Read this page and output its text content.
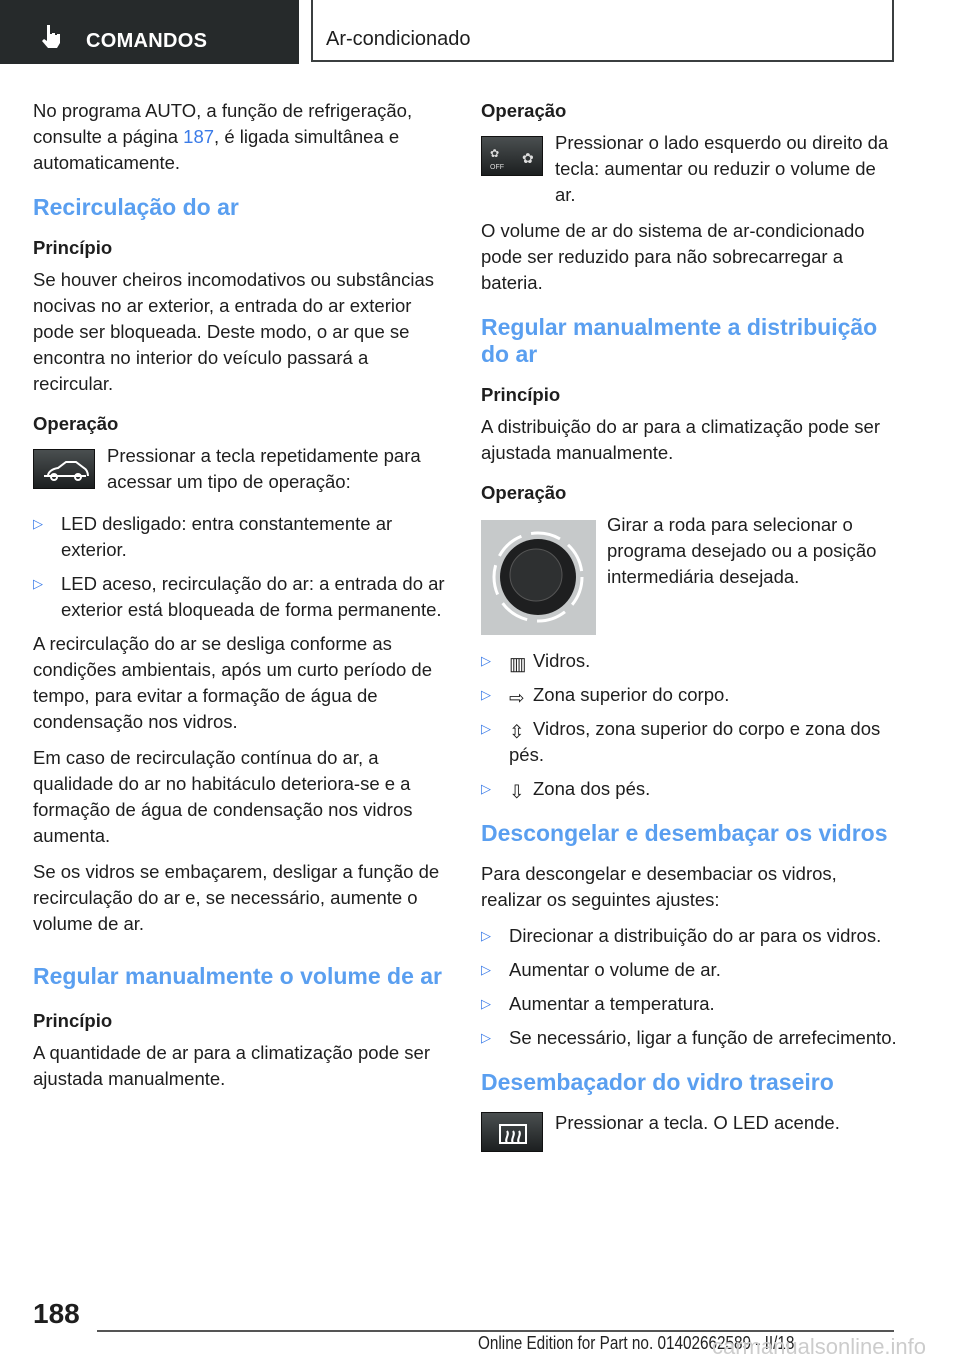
COMANDOS	Ar-condicionado

No programa AUTO, a função de refrigeração, consulte a página 187, é ligada simultânea e automaticamente.

Recirculação do ar
Princípio

Se houver cheiros incomodativos ou substâncias nocivas no ar exterior, a entrada do ar exterior pode ser bloqueada. Deste modo, o ar que se encontra no interior do veículo passará a recircular.

Operação
Pressionar a tecla repetidamente para acessar um tipo de operação:
▷ LED desligado: entra constantemente ar exterior.
▷ LED aceso, recirculação do ar: a entrada do ar exterior está bloqueada de forma permanente.

A recirculação do ar se desliga conforme as condições ambientais, após um curto período de tempo, para evitar a formação de água de condensação nos vidros.

Em caso de recirculação contínua do ar, a qualidade do ar no habitáculo deteriora-se e a formação de água de condensação nos vidros aumenta.

Se os vidros se embaçarem, desligar a função de recirculação do ar e, se necessário, aumente o volume de ar.

Regular manualmente o volume de ar
Princípio

A quantidade de ar para a climatização pode ser ajustada manualmente.

Operação
✿
OFF
✿
Pressionar o lado esquerdo ou direito da tecla: aumentar ou reduzir o volume de ar.

O volume de ar do sistema de ar-condicionado pode ser reduzido para não sobrecarregar a bateria.

Regular manualmente a distribuição do ar
Princípio

A distribuição do ar para a climatização pode ser ajustada manualmente.

Operação
Girar a roda para selecionar o programa desejado ou a posição intermediária desejada.
▷ ▥ Vidros.
▷ ⇨ Zona superior do corpo.
▷ ⇳ Vidros, zona superior do corpo e zona dos pés.
▷ ⇩ Zona dos pés.
Descongelar e desembaçar os vidros

Para descongelar e desembaciar os vidros, realizar os seguintes ajustes:

▷ Direcionar a distribuição do ar para os vidros.
▷ Aumentar o volume de ar.
▷ Aumentar a temperatura.
▷ Se necessário, ligar a função de arrefecimento.
Desembaçador do vidro traseiro
Pressionar a tecla. O LED acende.
188
Online Edition for Part no. 01402662589 - II/18
carmanualsonline.info
